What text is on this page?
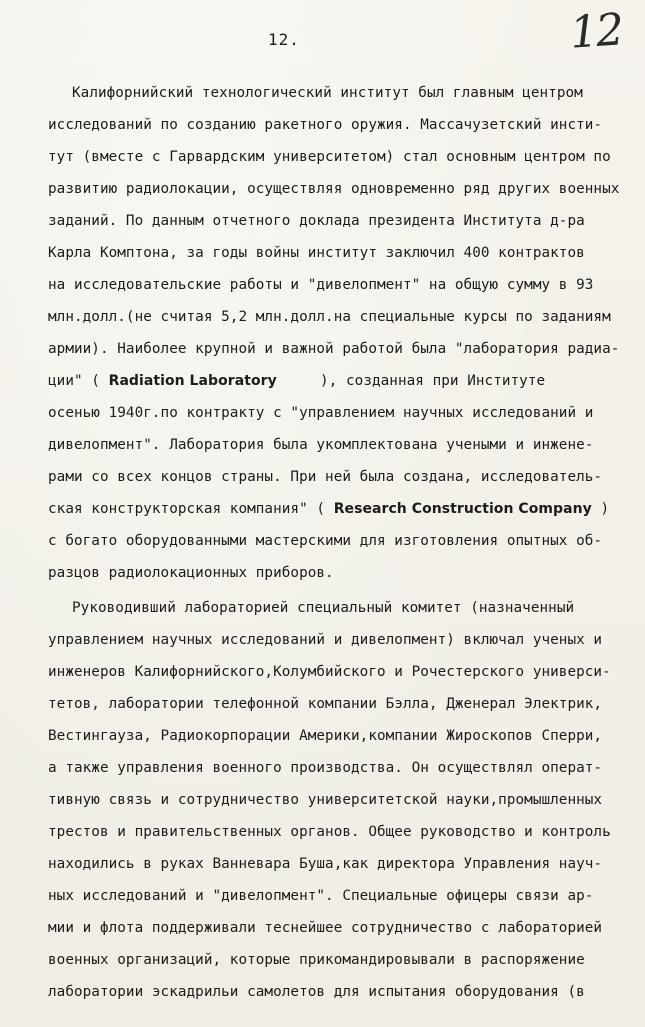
12.	12
Калифорнийский технологический институт был главным центром
исследований по созданию ракетного оружия. Массачузетский инсти-
тут (вместе с Гарвардским университетом) стал основным центром по
развитию радиолокации, осуществляя одновременно ряд других военных
заданий. По данным отчетного доклада президента Института д-ра
Карла Комптона, за годы войны институт заключил 400 контрактов
на исследовательские работы и "дивелопмент" на общую сумму в 93
млн.долл.(не считая 5,2 млн.долл.на специальные курсы по заданиям
армии). Наиболее крупной и важной работой была "лаборатория радиа-
ции" ( Radiation Laboratory     ), созданная при Институте
осенью 1940г.по контракту с "управлением научных исследований и
дивелопмент". Лаборатория была укомплектована учеными и инжене-
рами со всех концов страны. При ней была создана, исследователь-
ская конструкторская компания" ( Research Construction Company )
с богато оборудованными мастерскими для изготовления опытных об-
разцов радиолокационных приборов.
Руководивший лабораторией специальный комитет (назначенный
управлением научных исследований и дивелопмент) включал ученых и
инженеров Калифорнийского,Колумбийского и Рочестерского универси-
тетов, лаборатории телефонной компании Бэлла, Дженерал Электрик,
Вестингауза, Радиокорпорации Америки,компании Жироскопов Сперри,
а также управления военного производства. Он осуществлял операт-
тивную связь и сотрудничество университетской науки,промышленных
трестов и правительственных органов. Общее руководство и контроль
находились в руках Ванневара Буша,как директора Управления науч-
ных исследований и "дивелопмент". Специальные офицеры связи ар-
мии и флота поддерживали теснейшее сотрудничество с лабораторией
военных организаций, которые прикомандировывали в распоряжение
лаборатории эскадрильи самолетов для испытания оборудования (в
